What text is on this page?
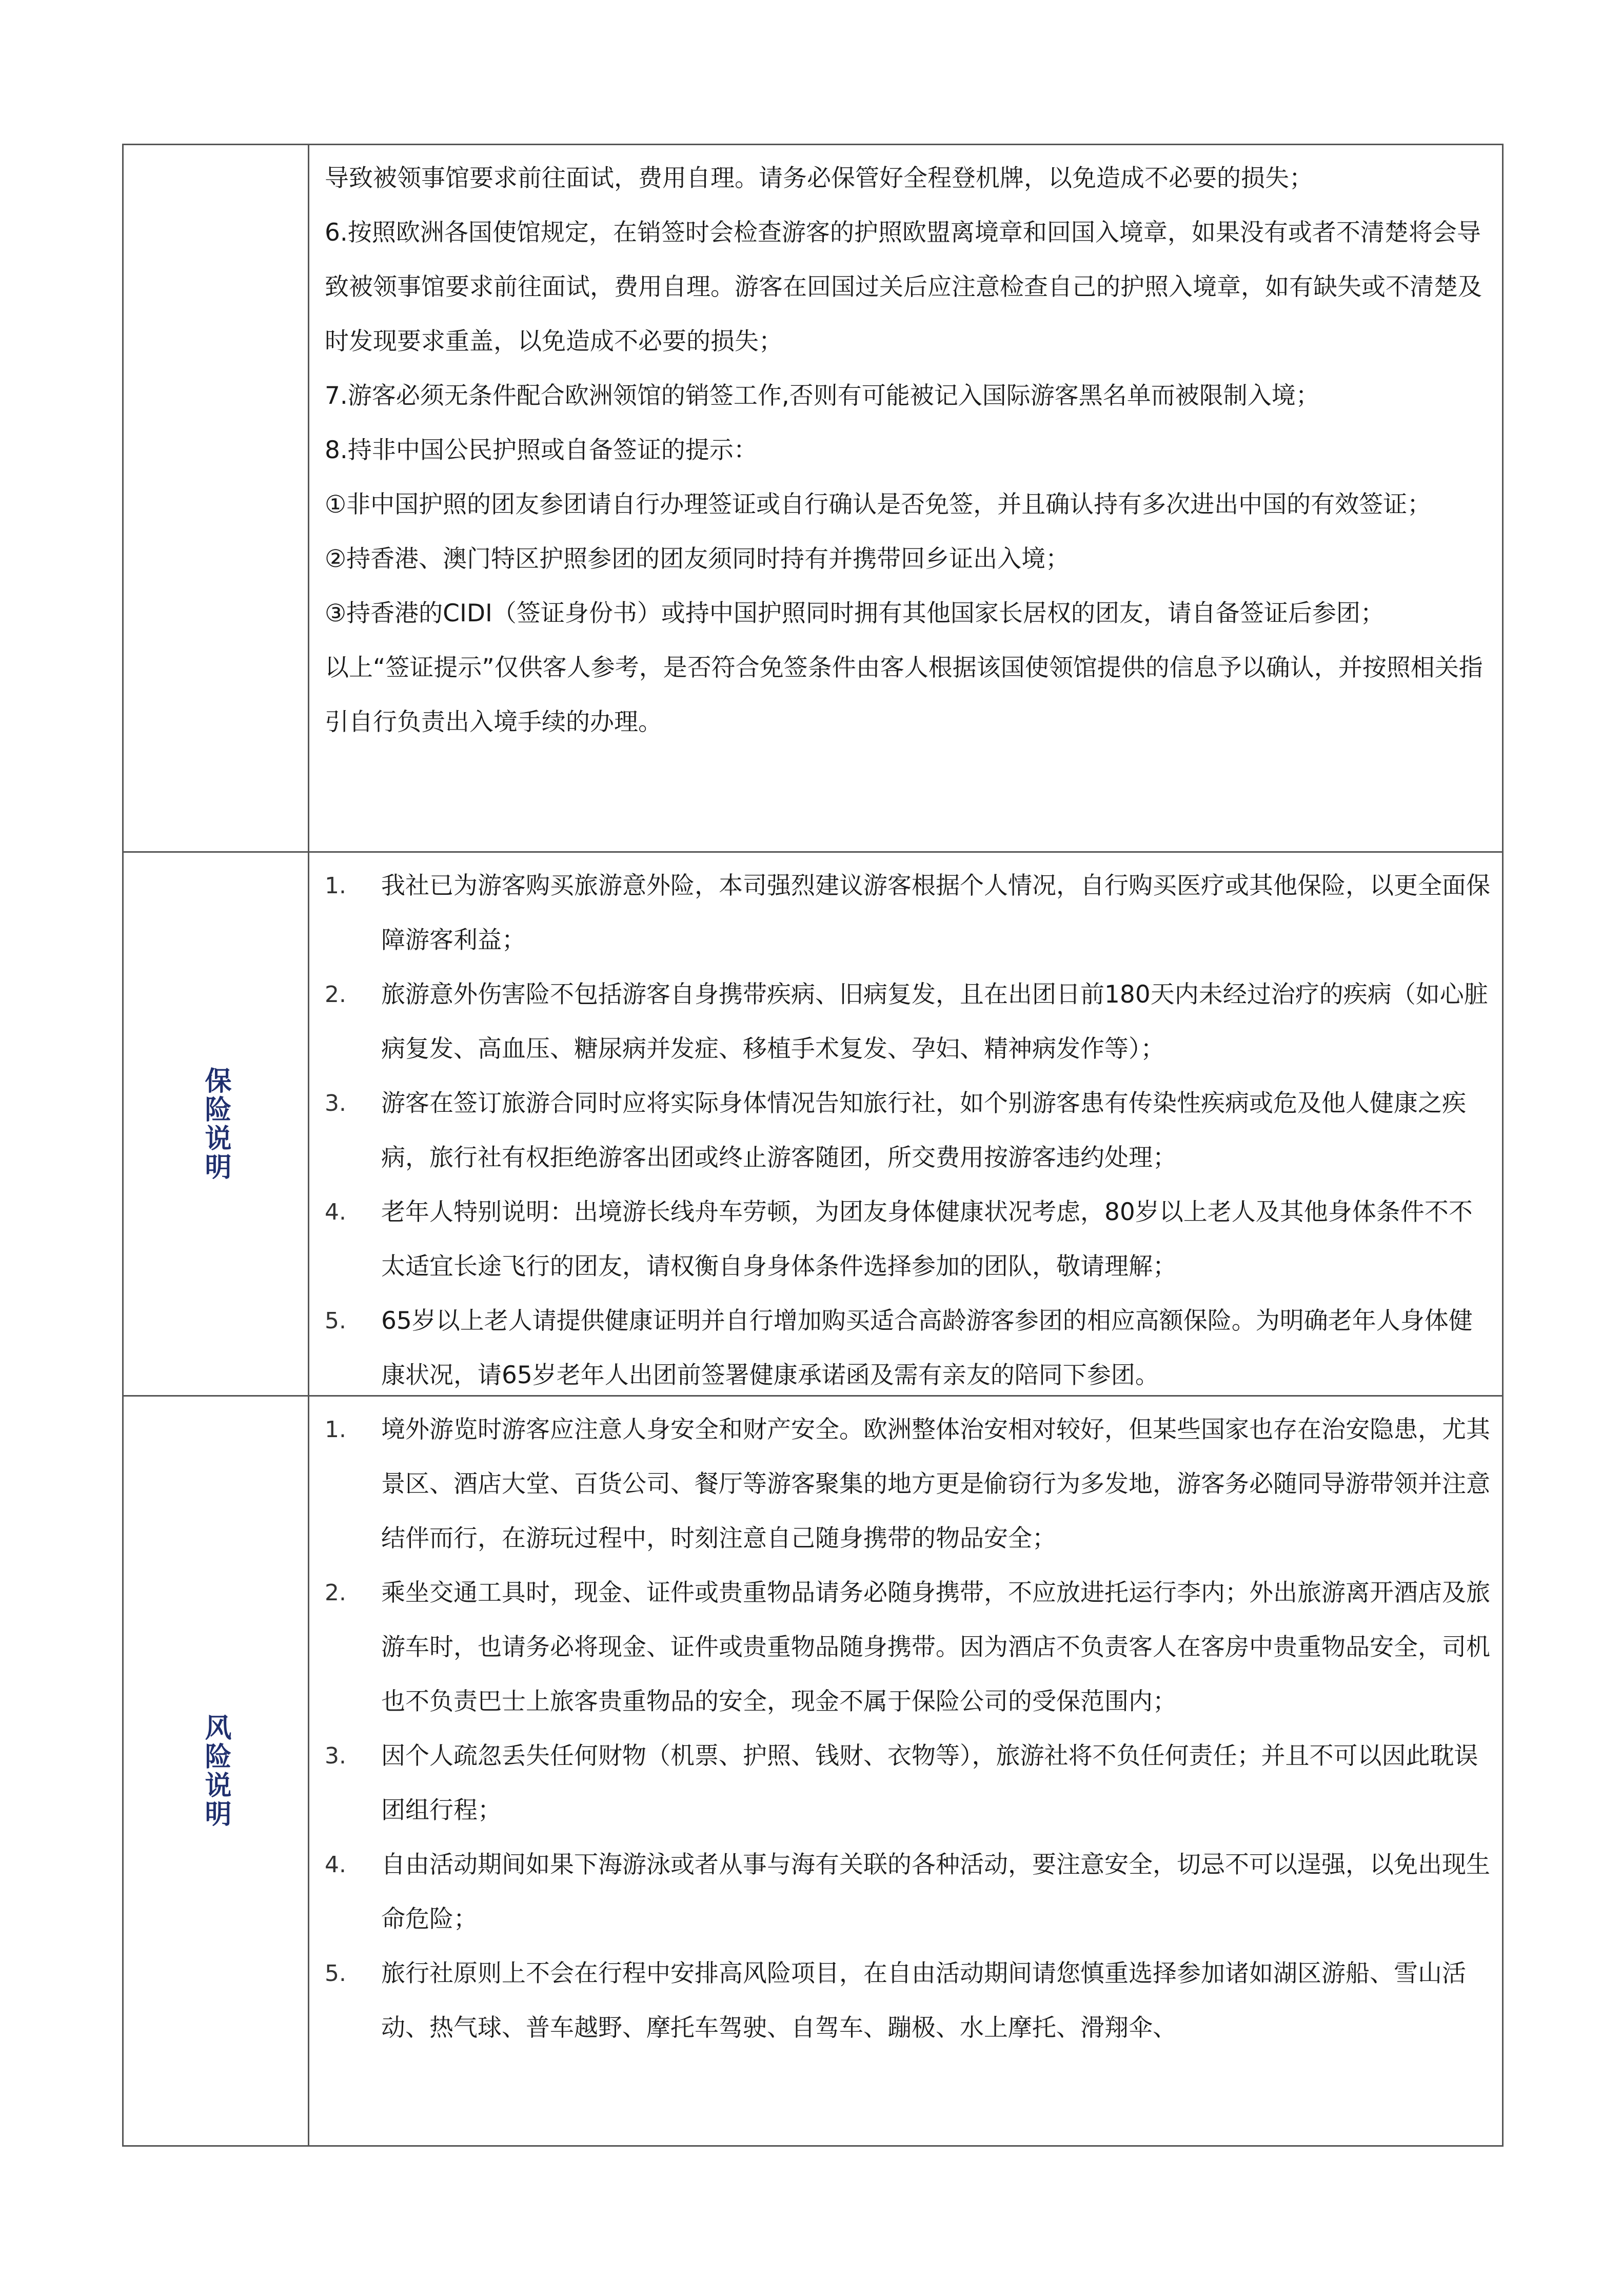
导致被领事馆要求前往面试，费用自理。请务必保管好全程登机牌，以免造成不必要的损失；

6.按照欧洲各国使馆规定，在销签时会检查游客的护照欧盟离境章和回国入境章，如果没有或者不清楚将会导致被领事馆要求前往面试，费用自理。游客在回国过关后应注意检查自己的护照入境章，如有缺失或不清楚及时发现要求重盖，以免造成不必要的损失；

7.游客必须无条件配合欧洲领馆的销签工作,否则有可能被记入国际游客黑名单而被限制入境；

8.持非中国公民护照或自备签证的提示：

①非中国护照的团友参团请自行办理签证或自行确认是否免签，并且确认持有多次进出中国的有效签证；

②持香港、澳门特区护照参团的团友须同时持有并携带回乡证出入境；

③持香港的CIDI（签证身份书）或持中国护照同时拥有其他国家长居权的团友，请自备签证后参团；

以上“签证提示”仅供客人参考，是否符合免签条件由客人根据该国使领馆提供的信息予以确认，并按照相关指引自行负责出入境手续的办理。

保险说明
1.	我社已为游客购买旅游意外险，本司强烈建议游客根据个人情况，自行购买医疗或其他保险，以更全面保障游客利益；
2.	旅游意外伤害险不包括游客自身携带疾病、旧病复发，且在出团日前180天内未经过治疗的疾病（如心脏病复发、高血压、糖尿病并发症、移植手术复发、孕妇、精神病发作等）；
3.	游客在签订旅游合同时应将实际身体情况告知旅行社，如个别游客患有传染性疾病或危及他人健康之疾病，旅行社有权拒绝游客出团或终止游客随团，所交费用按游客违约处理；
4.	老年人特别说明：出境游长线舟车劳顿，为团友身体健康状况考虑，80岁以上老人及其他身体条件不不太适宜长途飞行的团友，请权衡自身身体条件选择参加的团队，敬请理解；
5.	65岁以上老人请提供健康证明并自行增加购买适合高龄游客参团的相应高额保险。为明确老年人身体健康状况，请65岁老年人出团前签署健康承诺函及需有亲友的陪同下参团。
风险说明
1.	境外游览时游客应注意人身安全和财产安全。欧洲整体治安相对较好，但某些国家也存在治安隐患，尤其景区、酒店大堂、百货公司、餐厅等游客聚集的地方更是偷窃行为多发地，游客务必随同导游带领并注意结伴而行，在游玩过程中，时刻注意自己随身携带的物品安全；
2.	乘坐交通工具时，现金、证件或贵重物品请务必随身携带，不应放进托运行李内；外出旅游离开酒店及旅游车时，也请务必将现金、证件或贵重物品随身携带。因为酒店不负责客人在客房中贵重物品安全，司机也不负责巴士上旅客贵重物品的安全，现金不属于保险公司的受保范围内；
3.	因个人疏忽丢失任何财物（机票、护照、钱财、衣物等），旅游社将不负任何责任；并且不可以因此耽误团组行程；
4.	自由活动期间如果下海游泳或者从事与海有关联的各种活动，要注意安全，切忌不可以逞强，以免出现生命危险；
5.	旅行社原则上不会在行程中安排高风险项目，在自由活动期间请您慎重选择参加诸如湖区游船、雪山活动、热气球、普车越野、摩托车驾驶、自驾车、蹦极、水上摩托、滑翔伞、
